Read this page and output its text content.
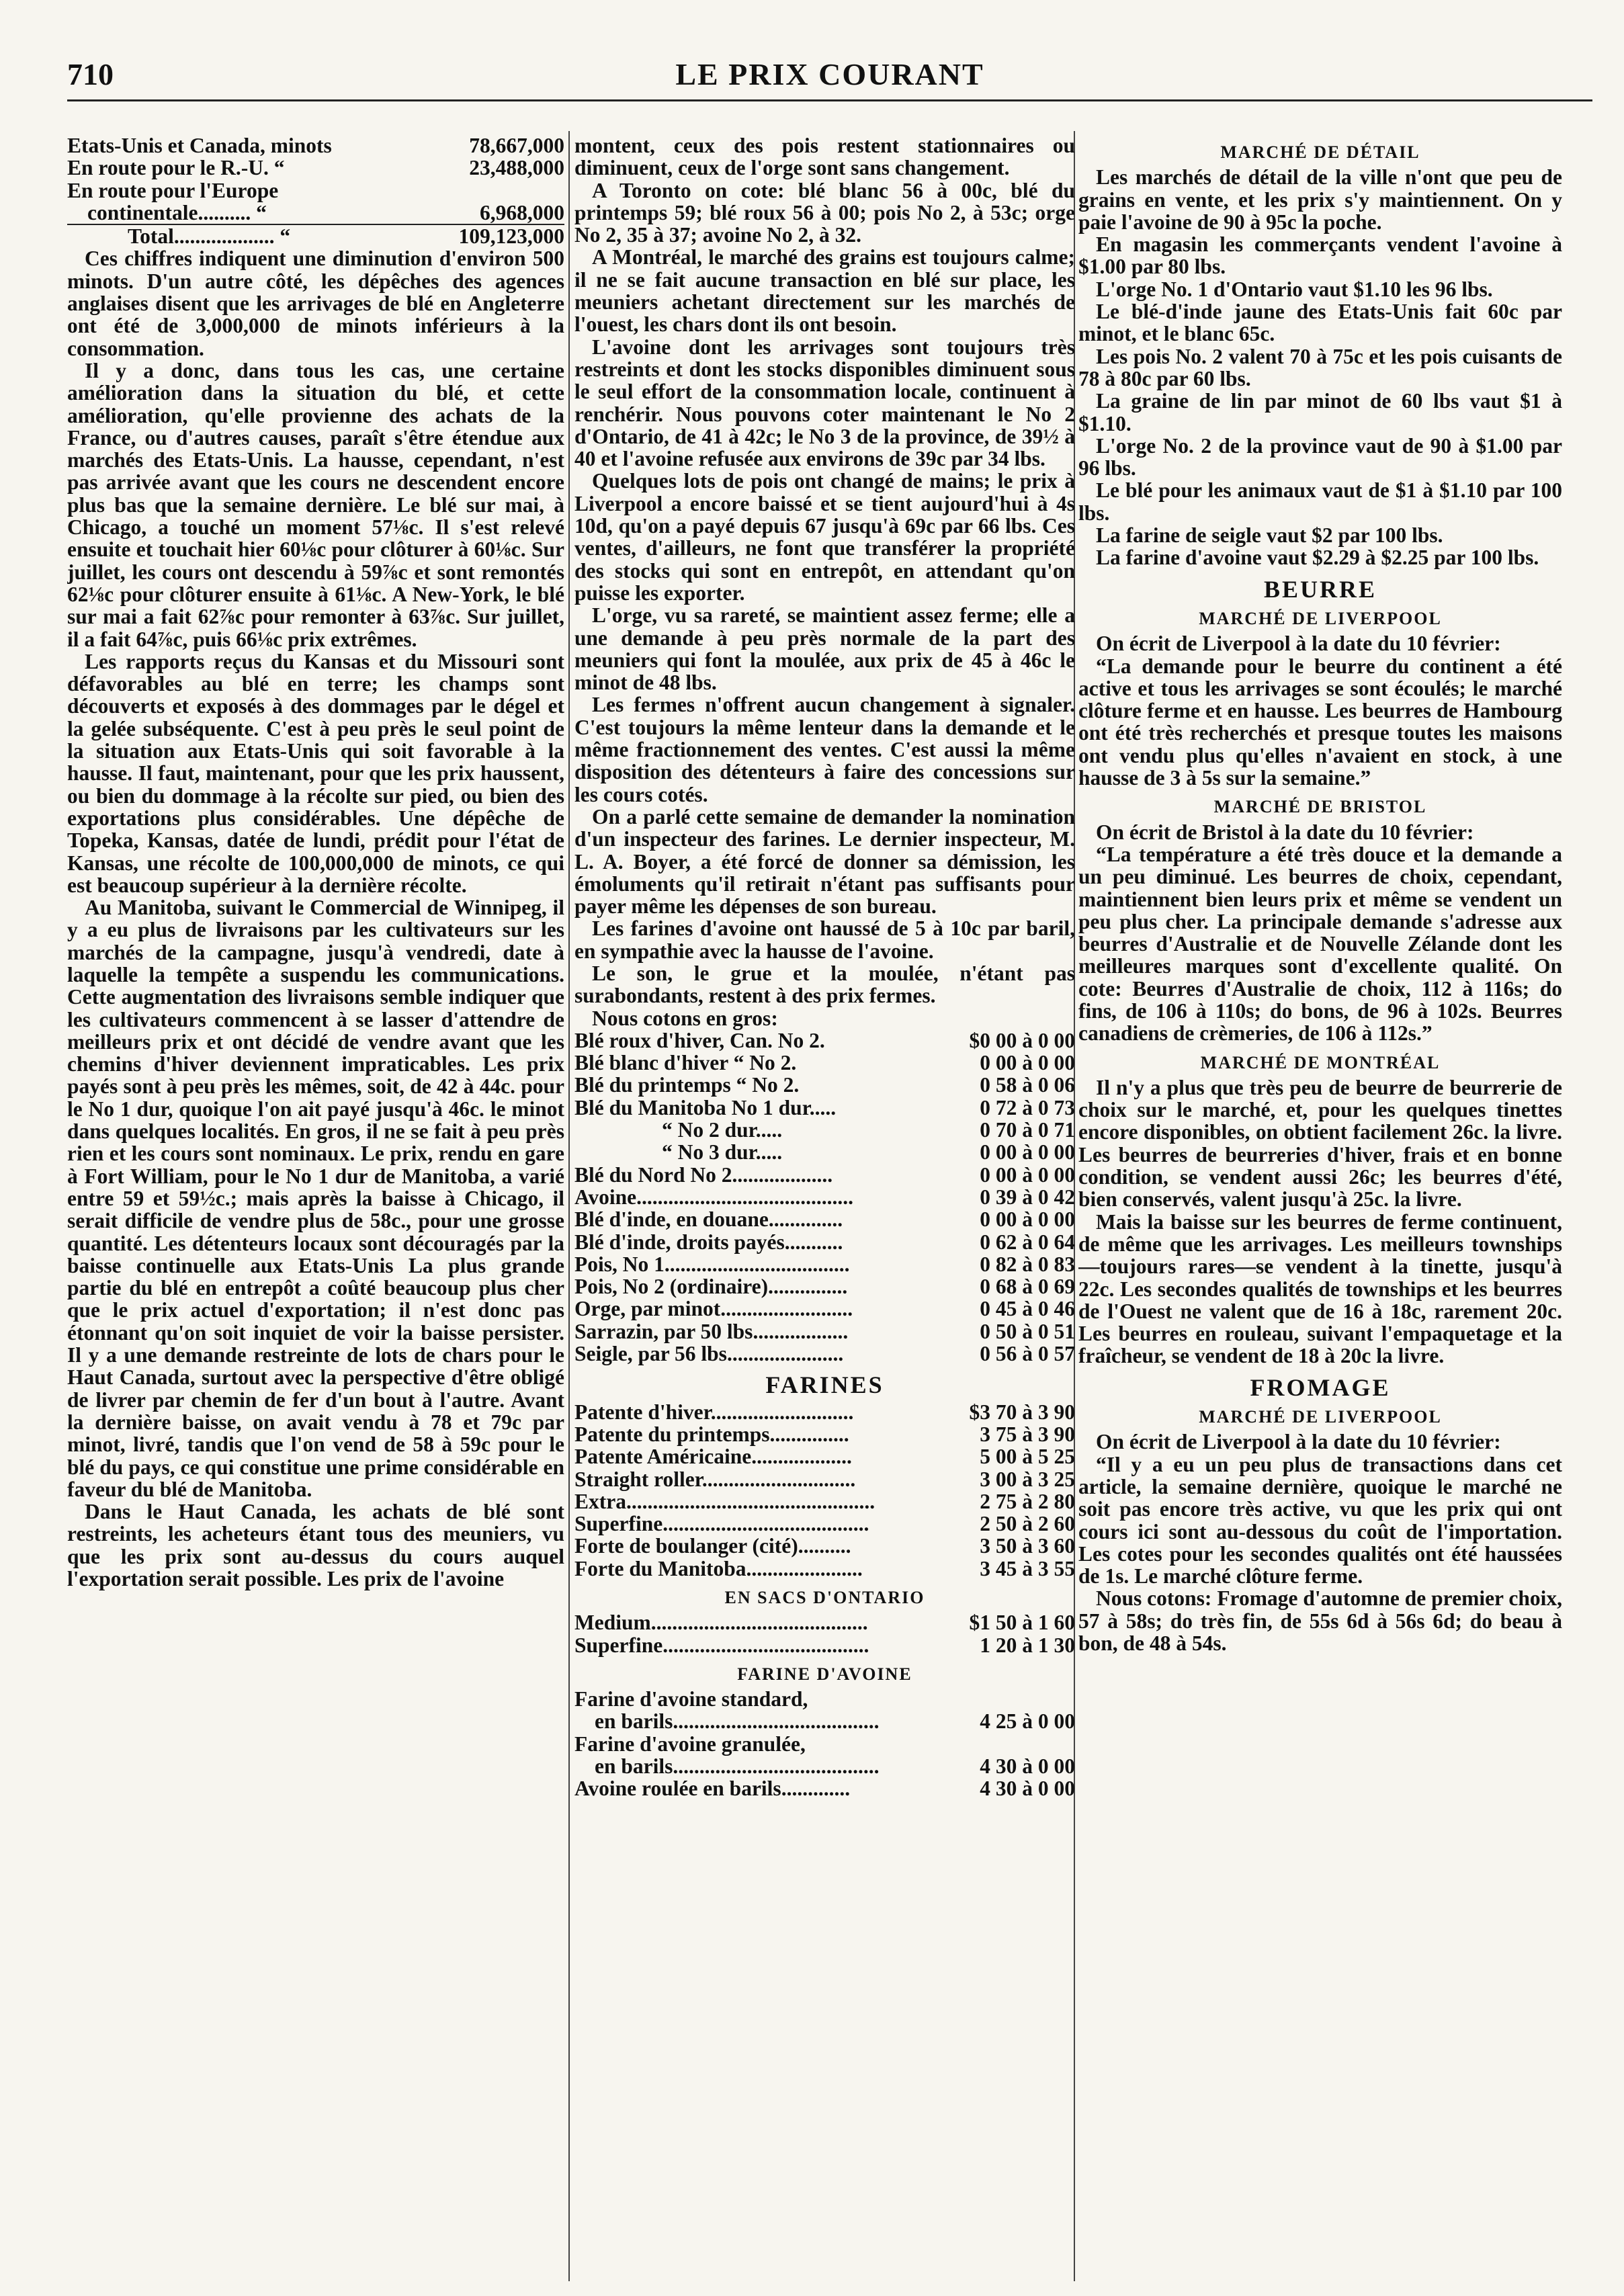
710	LE PRIX COURANT
Etats-Unis et Canada, minots	78,667,000
En route pour le R.-U. “	23,488,000
En route pour l'Europe
continentale.......... “	6,968,000
Total................... “	109,123,000

Ces chiffres indiquent une diminution d'environ 500 minots. D'un autre côté, les dépêches des agences anglaises disent que les arrivages de blé en Angleterre ont été de 3,000,000 de minots inférieurs à la consommation.

Il y a donc, dans tous les cas, une certaine amélioration dans la situation du blé, et cette amélioration, qu'elle provienne des achats de la France, ou d'autres causes, paraît s'être étendue aux marchés des Etats-Unis. La hausse, cependant, n'est pas arrivée avant que les cours ne descendent encore plus bas que la semaine dernière. Le blé sur mai, à Chicago, a touché un moment 57⅛c. Il s'est relevé ensuite et touchait hier 60⅛c pour clôturer à 60⅛c. Sur juillet, les cours ont descendu à 59⅞c et sont remontés 62⅛c pour clôturer ensuite à 61⅛c. A New-York, le blé sur mai a fait 62⅞c pour remonter à 63⅞c. Sur juillet, il a fait 64⅞c, puis 66⅛c prix extrêmes.

Les rapports reçus du Kansas et du Missouri sont défavorables au blé en terre; les champs sont découverts et exposés à des dommages par le dégel et la gelée subséquente. C'est à peu près le seul point de la situation aux Etats-Unis qui soit favorable à la hausse. Il faut, maintenant, pour que les prix haussent, ou bien du dommage à la récolte sur pied, ou bien des exportations plus considérables. Une dépêche de Topeka, Kansas, datée de lundi, prédit pour l'état de Kansas, une récolte de 100,000,000 de minots, ce qui est beaucoup supérieur à la dernière récolte.

Au Manitoba, suivant le Commercial de Winnipeg, il y a eu plus de livraisons par les cultivateurs sur les marchés de la campagne, jusqu'à vendredi, date à laquelle la tempête a suspendu les communications. Cette augmentation des livraisons semble indiquer que les cultivateurs commencent à se lasser d'attendre de meilleurs prix et ont décidé de vendre avant que les chemins d'hiver deviennent impraticables. Les prix payés sont à peu près les mêmes, soit, de 42 à 44c. pour le No 1 dur, quoique l'on ait payé jusqu'à 46c. le minot dans quelques localités. En gros, il ne se fait à peu près rien et les cours sont nominaux. Le prix, rendu en gare à Fort William, pour le No 1 dur de Manitoba, a varié entre 59 et 59½c.; mais après la baisse à Chicago, il serait difficile de vendre plus de 58c., pour une grosse quantité. Les détenteurs locaux sont découragés par la baisse continuelle aux Etats-Unis La plus grande partie du blé en entrepôt a coûté beaucoup plus cher que le prix actuel d'exportation; il n'est donc pas étonnant qu'on soit inquiet de voir la baisse persister. Il y a une demande restreinte de lots de chars pour le Haut Canada, surtout avec la perspective d'être obligé de livrer par chemin de fer d'un bout à l'autre. Avant la dernière baisse, on avait vendu à 78 et 79c par minot, livré, tandis que l'on vend de 58 à 59c pour le blé du pays, ce qui constitue une prime considérable en faveur du blé de Manitoba.

Dans le Haut Canada, les achats de blé sont restreints, les acheteurs étant tous des meuniers, vu que les prix sont au-dessus du cours auquel l'exportation serait possible. Les prix de l'avoine

montent, ceux des pois restent stationnaires ou diminuent, ceux de l'orge sont sans changement.

A Toronto on cote: blé blanc 56 à 00c, blé du printemps 59; blé roux 56 à 00; pois No 2, à 53c; orge No 2, 35 à 37; avoine No 2, à 32.

A Montréal, le marché des grains est toujours calme; il ne se fait aucune transaction en blé sur place, les meuniers achetant directement sur les marchés de l'ouest, les chars dont ils ont besoin.

L'avoine dont les arrivages sont toujours très restreints et dont les stocks disponibles diminuent sous le seul effort de la consommation locale, continuent à renchérir. Nous pouvons coter maintenant le No 2 d'Ontario, de 41 à 42c; le No 3 de la province, de 39½ à 40 et l'avoine refusée aux environs de 39c par 34 lbs.

Quelques lots de pois ont changé de mains; le prix à Liverpool a encore baissé et se tient aujourd'hui à 4s 10d, qu'on a payé depuis 67 jusqu'à 69c par 66 lbs. Ces ventes, d'ailleurs, ne font que transférer la propriété des stocks qui sont en entrepôt, en attendant qu'on puisse les exporter.

L'orge, vu sa rareté, se maintient assez ferme; elle a une demande à peu près normale de la part des meuniers qui font la moulée, aux prix de 45 à 46c le minot de 48 lbs.

Les fermes n'offrent aucun changement à signaler. C'est toujours la même lenteur dans la demande et le même fractionnement des ventes. C'est aussi la même disposition des détenteurs à faire des concessions sur les cours cotés.

On a parlé cette semaine de demander la nomination d'un inspecteur des farines. Le dernier inspecteur, M. L. A. Boyer, a été forcé de donner sa démission, les émoluments qu'il retirait n'étant pas suffisants pour payer même les dépenses de son bureau.

Les farines d'avoine ont haussé de 5 à 10c par baril, en sympathie avec la hausse de l'avoine.

Le son, le grue et la moulée, n'étant pas surabondants, restent à des prix fermes.

Nous cotons en gros:

Blé roux d'hiver, Can. No 2.	$0 00 à 0 00
Blé blanc d'hiver “ No 2.	0 00 à 0 00
Blé du printemps “ No 2.	0 58 à 0 06
Blé du Manitoba No 1 dur.....	0 72 à 0 73
“ No 2 dur.....	0 70 à 0 71
“ No 3 dur.....	0 00 à 0 00
Blé du Nord No 2...................	0 00 à 0 00
Avoine.........................................	0 39 à 0 42
Blé d'inde, en douane..............	0 00 à 0 00
Blé d'inde, droits payés...........	0 62 à 0 64
Pois, No 1...................................	0 82 à 0 83
Pois, No 2 (ordinaire)...............	0 68 à 0 69
Orge, par minot.........................	0 45 à 0 46
Sarrazin, par 50 lbs..................	0 50 à 0 51
Seigle, par 56 lbs......................	0 56 à 0 57
FARINES
Patente d'hiver...........................	$3 70 à 3 90
Patente du printemps...............	3 75 à 3 90
Patente Américaine...................	5 00 à 5 25
Straight roller.............................	3 00 à 3 25
Extra...............................................	2 75 à 2 80
Superfine.......................................	2 50 à 2 60
Forte de boulanger (cité)..........	3 50 à 3 60
Forte du Manitoba......................	3 45 à 3 55
EN SACS D'ONTARIO
Medium.........................................	$1 50 à 1 60
Superfine.......................................	1 20 à 1 30
FARINE D'AVOINE
Farine d'avoine standard,	
en barils.......................................	4 25 à 0 00
Farine d'avoine granulée,	
en barils.......................................	4 30 à 0 00
Avoine roulée en barils.............	4 30 à 0 00
MARCHÉ DE DÉTAIL

Les marchés de détail de la ville n'ont que peu de grains en vente, et les prix s'y maintiennent. On y paie l'avoine de 90 à 95c la poche.

En magasin les commerçants vendent l'avoine à $1.00 par 80 lbs.

L'orge No. 1 d'Ontario vaut $1.10 les 96 lbs.

Le blé-d'inde jaune des Etats-Unis fait 60c par minot, et le blanc 65c.

Les pois No. 2 valent 70 à 75c et les pois cuisants de 78 à 80c par 60 lbs.

La graine de lin par minot de 60 lbs vaut $1 à $1.10.

L'orge No. 2 de la province vaut de 90 à $1.00 par 96 lbs.

Le blé pour les animaux vaut de $1 à $1.10 par 100 lbs.

La farine de seigle vaut $2 par 100 lbs.

La farine d'avoine vaut $2.29 à $2.25 par 100 lbs.

BEURRE
MARCHÉ DE LIVERPOOL

On écrit de Liverpool à la date du 10 février:

“La demande pour le beurre du continent a été active et tous les arrivages se sont écoulés; le marché clôture ferme et en hausse. Les beurres de Hambourg ont été très recherchés et presque toutes les maisons ont vendu plus qu'elles n'avaient en stock, à une hausse de 3 à 5s sur la semaine.”

MARCHÉ DE BRISTOL

On écrit de Bristol à la date du 10 février:

“La température a été très douce et la demande a un peu diminué. Les beurres de choix, cependant, maintiennent bien leurs prix et même se vendent un peu plus cher. La principale demande s'adresse aux beurres d'Australie et de Nouvelle Zélande dont les meilleures marques sont d'excellente qualité. On cote: Beurres d'Australie de choix, 112 à 116s; do fins, de 106 à 110s; do bons, de 96 à 102s. Beurres canadiens de crèmeries, de 106 à 112s.”

MARCHÉ DE MONTRÉAL

Il n'y a plus que très peu de beurre de beurrerie de choix sur le marché, et, pour les quelques tinettes encore disponibles, on obtient facilement 26c. la livre. Les beurres de beurreries d'hiver, frais et en bonne condition, se vendent aussi 26c; les beurres d'été, bien conservés, valent jusqu'à 25c. la livre.

Mais la baisse sur les beurres de ferme continuent, de même que les arrivages. Les meilleurs townships—toujours rares—se vendent à la tinette, jusqu'à 22c. Les secondes qualités de townships et les beurres de l'Ouest ne valent que de 16 à 18c, rarement 20c. Les beurres en rouleau, suivant l'empaquetage et la fraîcheur, se vendent de 18 à 20c la livre.

FROMAGE
MARCHÉ DE LIVERPOOL

On écrit de Liverpool à la date du 10 février:

“Il y a eu un peu plus de transactions dans cet article, la semaine dernière, quoique le marché ne soit pas encore très active, vu que les prix qui ont cours ici sont au-dessous du coût de l'importation. Les cotes pour les secondes qualités ont été haussées de 1s. Le marché clôture ferme.

Nous cotons: Fromage d'automne de premier choix, 57 à 58s; do très fin, de 55s 6d à 56s 6d; do beau à bon, de 48 à 54s.
